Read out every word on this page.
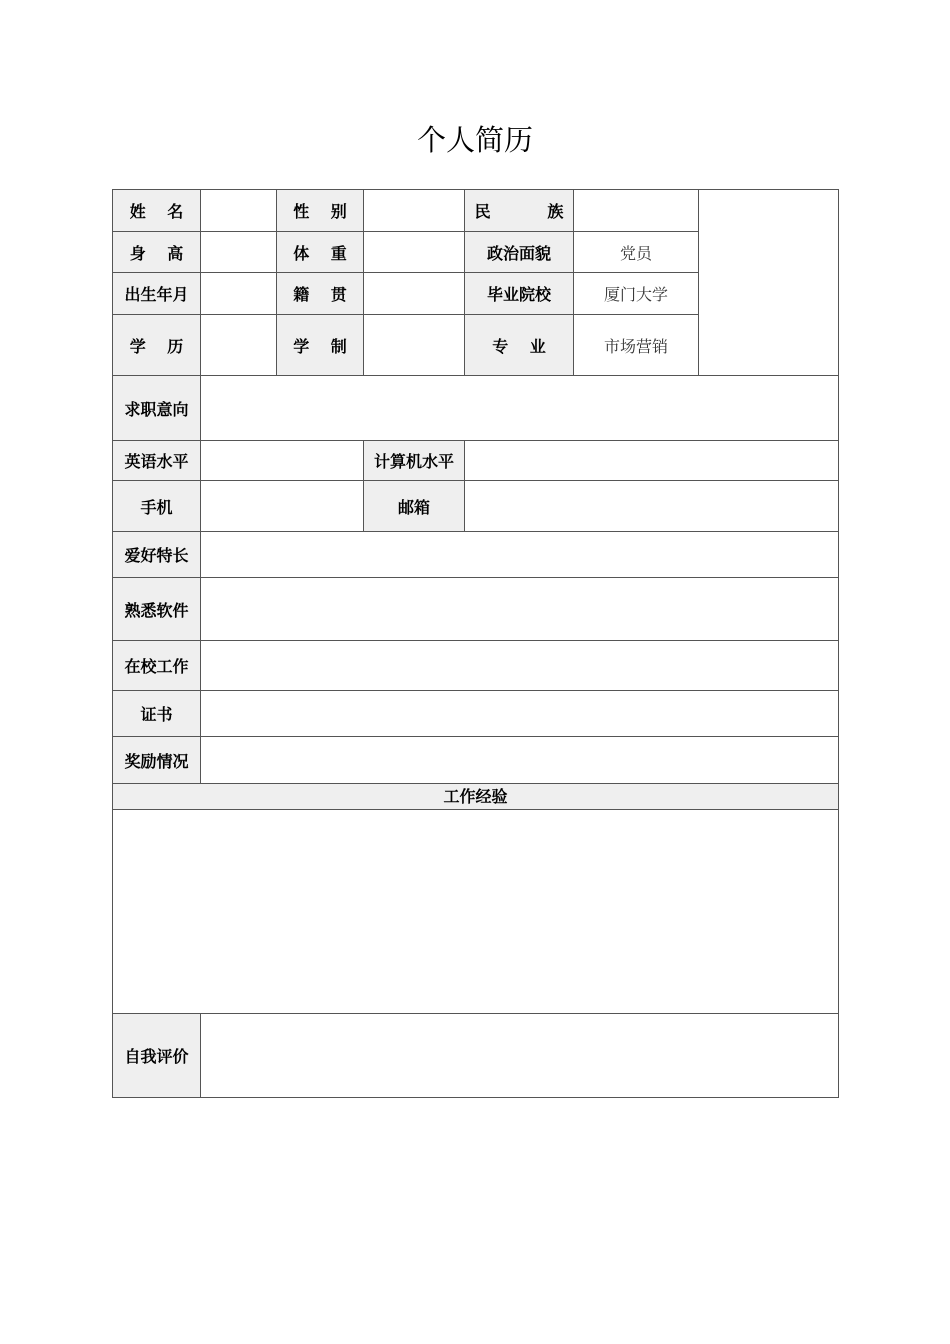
个人简历
姓 名		性 别		民 族		
身 高		体 重		政治面貌	党员	
出生年月		籍 贯		毕业院校	厦门大学	
学 历		学 制		专 业	市场营销	
求职意向						
英语水平			计算机水平			
手机			邮箱			
爱好特长						
熟悉软件						
在校工作						
证书						
奖励情况						
工作经验						

自我评价						
